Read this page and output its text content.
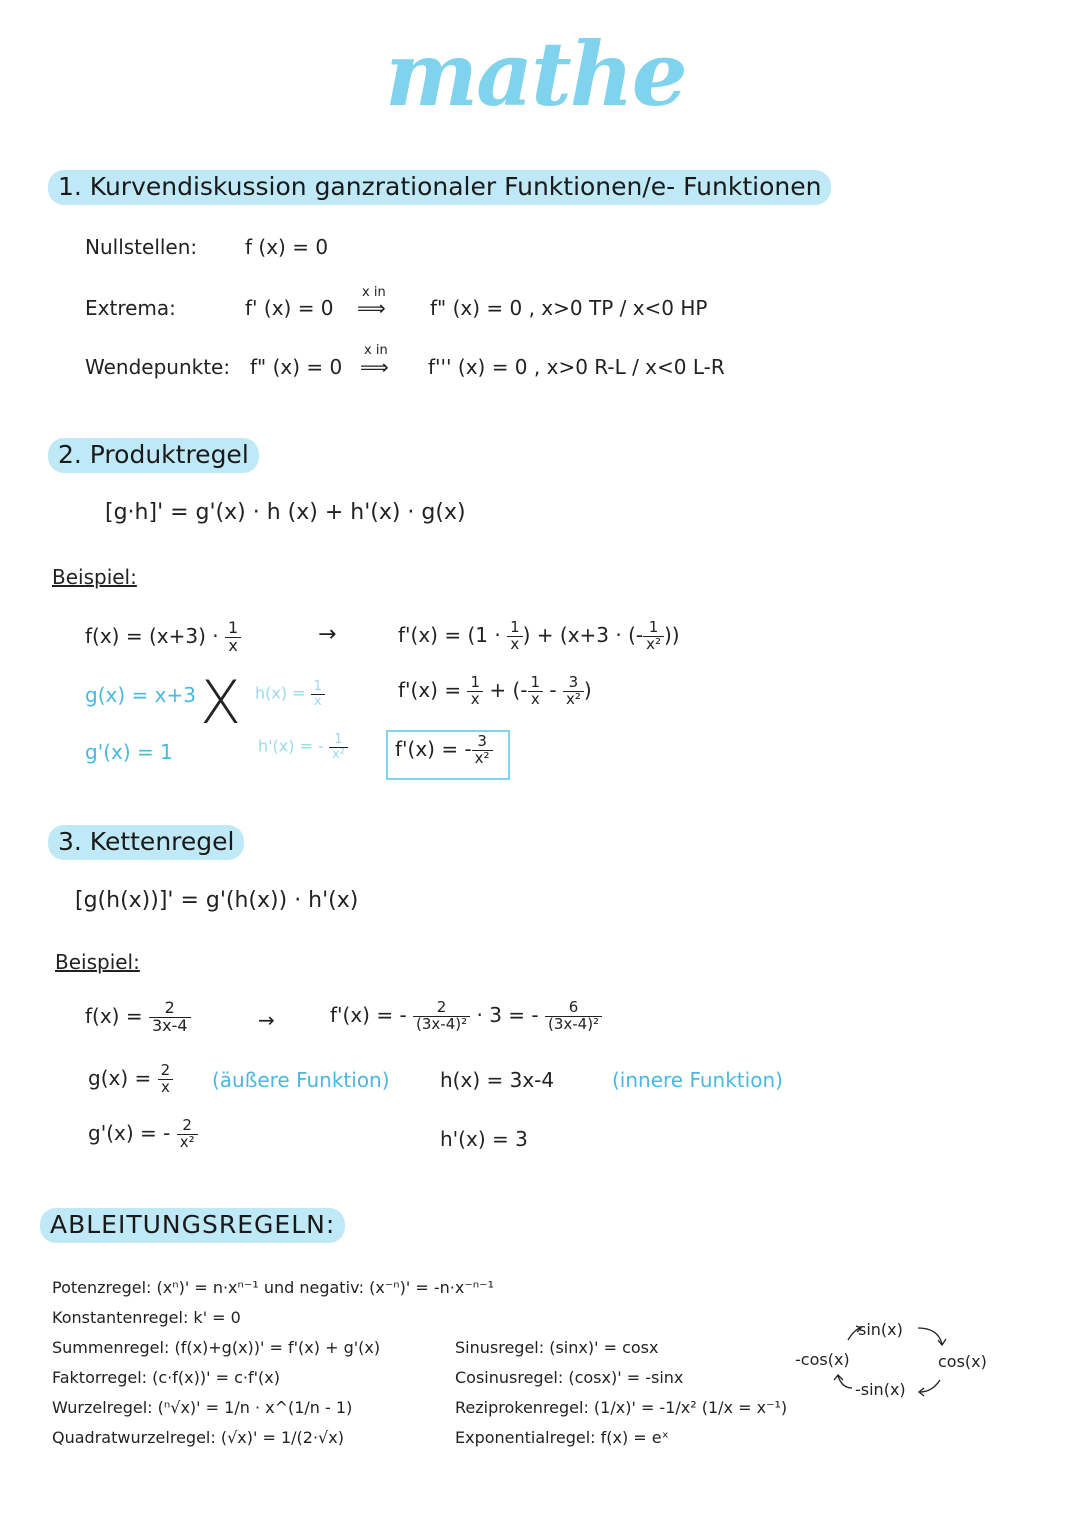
mathe
1. Kurvendiskussion ganzrationaler Funktionen/e- Funktionen
Nullstellen: f (x) = 0
Extrema:	f' (x) = 0
x in
⟹ f" (x) = 0 , x>0 TP / x<0 HP
Wendepunkte: f" (x) = 0
x in
⟹ f''' (x) = 0 , x>0 R-L / x<0 L-R
2. Produktregel
[g·h]' = g'(x) · h (x) + h'(x) · g(x)
Beispiel:
$f(x) = (x+3) \cdot \frac{1}{x}$	→
g(x) = x+3
g'(x) = 1
X $h(x) = \frac{1}{x}$
h'(x) = - $\frac{1}{\text{x²}}$
$f'(x) = (1 \cdot \frac{1}{x}$ ) + (x+3 · (- $\frac{1}{\text{x²}}$ ))
$f'(x) = \frac{1}{x}$ + (- $\frac{1}{x} - \frac{3}{\text{x²}}$ )
f'(x) = - $\frac{3}{\text{x²}}$
3. Kettenregel
[g(h(x))]' = g'(h(x)) · h'(x)
Beispiel:
$f(x) = \frac{2}{3x-4}$	→	f'(x) = - $\frac{2}{\text{(3x-4)²}} \cdot 3$ = - $\frac{6}{\text{(3x-4)²}}$
$g(x) = \frac{2}{x}$ (äußere Funktion)	h(x) = 3x-4	(innere Funktion)
g'(x) = - $\frac{2}{\text{x²}}$	h'(x) = 3
ABLEITUNGSREGELN:
Potenzregel: (xⁿ)' = n·xⁿ⁻¹ und negativ: (x⁻ⁿ)' = -n·x⁻ⁿ⁻¹
Konstantenregel: k' = 0
Summenregel: (f(x)+g(x))' = f'(x) + g'(x)
Faktorregel: (c·f(x))' = c·f'(x)
Wurzelregel: (ⁿ√x)' = 1/n · x^(1/n - 1)
Quadratwurzelregel: (√x)' = 1/(2·√x)
Sinusregel: (sinx)' = cosx
Cosinusregel: (cosx)' = -sinx
Reziprokenregel: (1/x)' = -1/x² (1/x = x⁻¹)
Exponentialregel: f(x) = eˣ
sin(x)
cos(x)
-sin(x)
-cos(x)
